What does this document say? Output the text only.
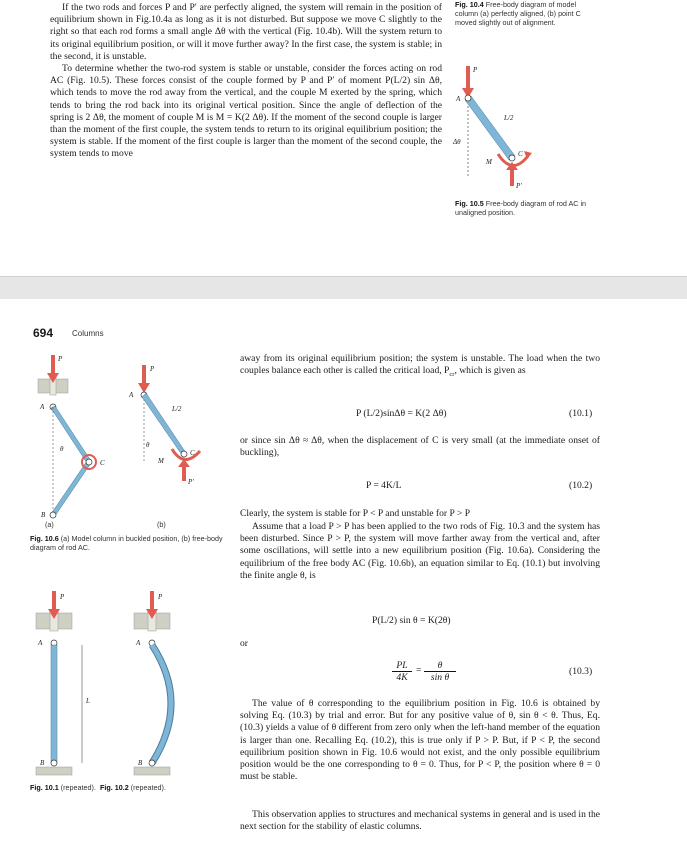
If the two rods and forces P and P′ are perfectly aligned, the system will remain in the position of equilibrium shown in Fig.10.4a as long as it is not disturbed. But suppose we move C slightly to the right so that each rod forms a small angle Δθ with the vertical (Fig. 10.4b). Will the system return to its original equilibrium position, or will it move further away? In the first case, the system is stable; in the second, it is unstable.

To determine whether the two-rod system is stable or unstable, consider the forces acting on rod AC (Fig. 10.5). These forces consist of the couple formed by P and P′ of moment P(L/2) sin Δθ, which tends to move the rod away from the vertical, and the couple M exerted by the spring, which tends to bring the rod back into its original vertical position. Since the angle of deflection of the spring is 2 Δθ, the moment of couple M is M = K(2 Δθ). If the moment of the second couple is larger than the moment of the first couple, the system tends to return to its original equilibrium position; the system is stable. If the moment of the first couple is larger than the moment of the second couple, the system tends to move

Fig. 10.4 Free-body diagram of model column (a) perfectly aligned, (b) point C moved slightly out of alignment.
P
A
L/2
Δθ
M
C
P′
Fig. 10.5 Free-body diagram of rod AC in unaligned position.
694 Columns
P
A
θ
C
B
(a)
P
A
L/2
θ
M
C
P′
(b)
Fig. 10.6 (a) Model column in buckled position, (b) free-body diagram of rod AC.
P
A
L
B
P
A
B
Fig. 10.1 (repeated). Fig. 10.2 (repeated).
away from its original equilibrium position; the system is unstable. The load when the two couples balance each other is called the critical load, $P_{cr}$, which is given as
P (L/2)sinΔθ = K(2 Δθ)	(10.1)
or since sin Δθ ≈ Δθ, when the displacement of C is very small (at the immediate onset of buckling),
P = 4K/L	(10.2)
Clearly, the system is stable for P < P and unstable for P > P
Assume that a load P > P has been applied to the two rods of Fig. 10.3 and the system has been disturbed. Since P > P, the system will move farther away from the vertical and, after some oscillations, will settle into a new equilibrium position (Fig. 10.6a). Considering the equilibrium of the free body AC (Fig. 10.6b), an equation similar to Eq. (10.1) but involving the finite angle θ, is
P(L/2) sin θ = K(2θ)
or
PL
4K
=	θ
sin θ
(10.3)
The value of θ corresponding to the equilibrium position in Fig. 10.6 is obtained by solving Eq. (10.3) by trial and error. But for any positive value of θ, sin θ < θ. Thus, Eq. (10.3) yields a value of θ different from zero only when the left-hand member of the equation is larger than one. Recalling Eq. (10.2), this is true only if P > P. But, if P < P, the second equilibrium position shown in Fig. 10.6 would not exist, and the only possible equilibrium position would be the one corresponding to θ = 0. Thus, for P < P, the position where θ = 0 must be stable.
This observation applies to structures and mechanical systems in general and is used in the next section for the stability of elastic columns.
